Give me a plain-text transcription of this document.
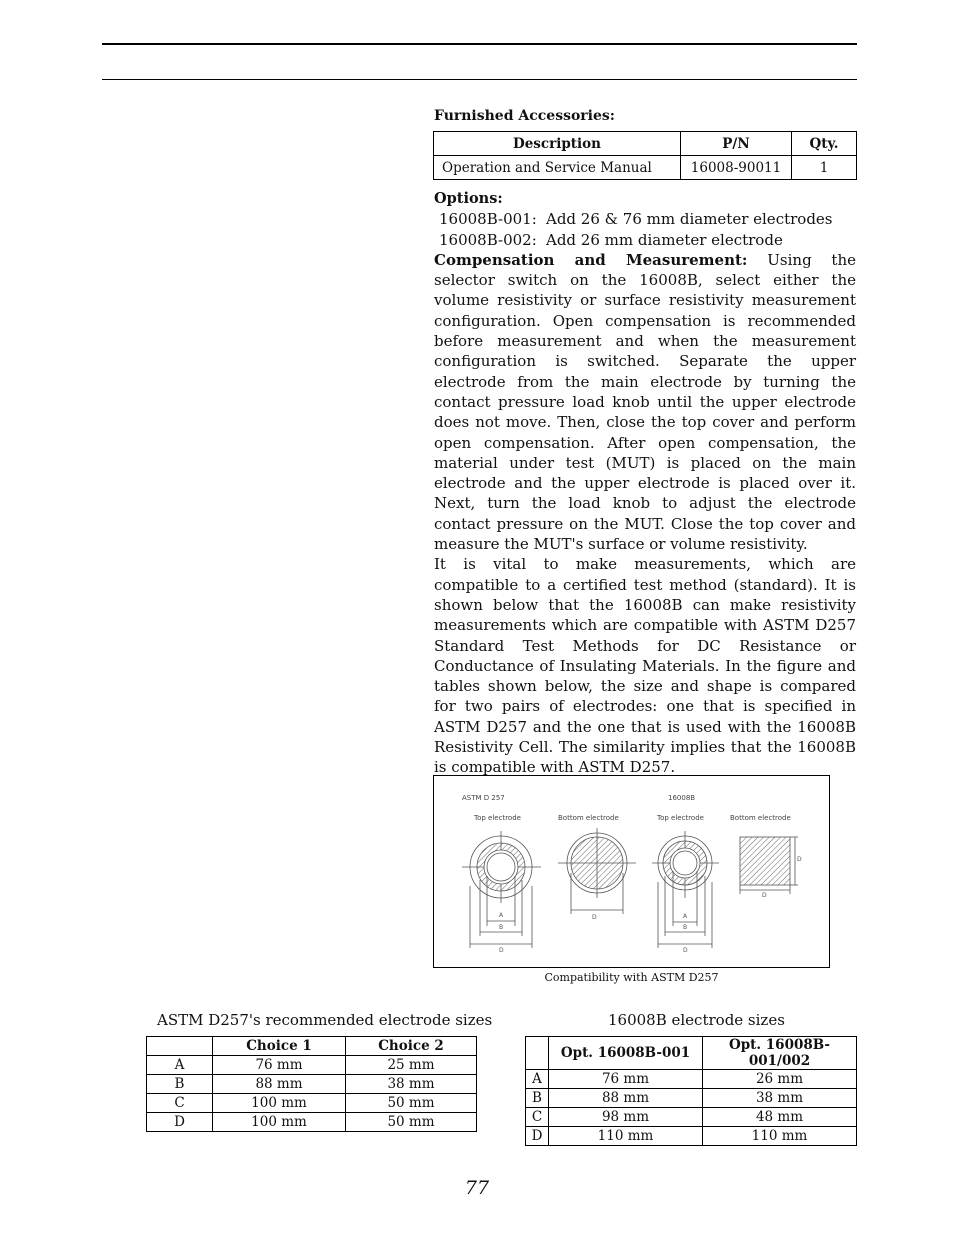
Furnished Accessories:
Description	P/N	Qty.
Operation and Service Manual	16008-90011	1
Options:
16008B-001: Add 26 & 76 mm diameter electrodes
16008B-002: Add 26 mm diameter electrode
Compensation and Measurement: Using the selector switch on the 16008B, select either the volume resistivity or surface resistivity measurement configuration. Open compensation is recommended before measurement and when the measurement configuration is switched. Separate the upper electrode from the main electrode by turning the contact pressure load knob until the upper electrode does not move. Then, close the top cover and perform open compensation. After open compensation, the material under test (MUT) is placed on the main electrode and the upper electrode is placed over it. Next, turn the load knob to adjust the electrode contact pressure on the MUT. Close the top cover and measure the MUT's surface or volume resistivity.
It is vital to make measurements, which are compatible to a certified test method (standard). It is shown below that the 16008B can make resistivity measurements which are compatible with ASTM D257 Standard Test Methods for DC Resistance or Conductance of Insulating Materials. In the figure and tables shown below, the size and shape is compared for two pairs of electrodes: one that is specified in ASTM D257 and the one that is used with the 16008B Resistivity Cell. The similarity implies that the 16008B is compatible with ASTM D257.
ASTM D 257	16008B
Top electrode	Bottom electrode	Top electrode	Bottom electrode
A
B
D
D	A
B
D
D
D
Compatibility with ASTM D257
ASTM D257's recommended electrode sizes
	Choice 1	Choice 2
A	76 mm	25 mm
B	88 mm	38 mm
C	100 mm	50 mm
D	100 mm	50 mm
16008B electrode sizes
	Opt. 16008B-001	Opt. 16008B-001/002
A	76 mm	26 mm
B	88 mm	38 mm
C	98 mm	48 mm
D	110 mm	110 mm
77
